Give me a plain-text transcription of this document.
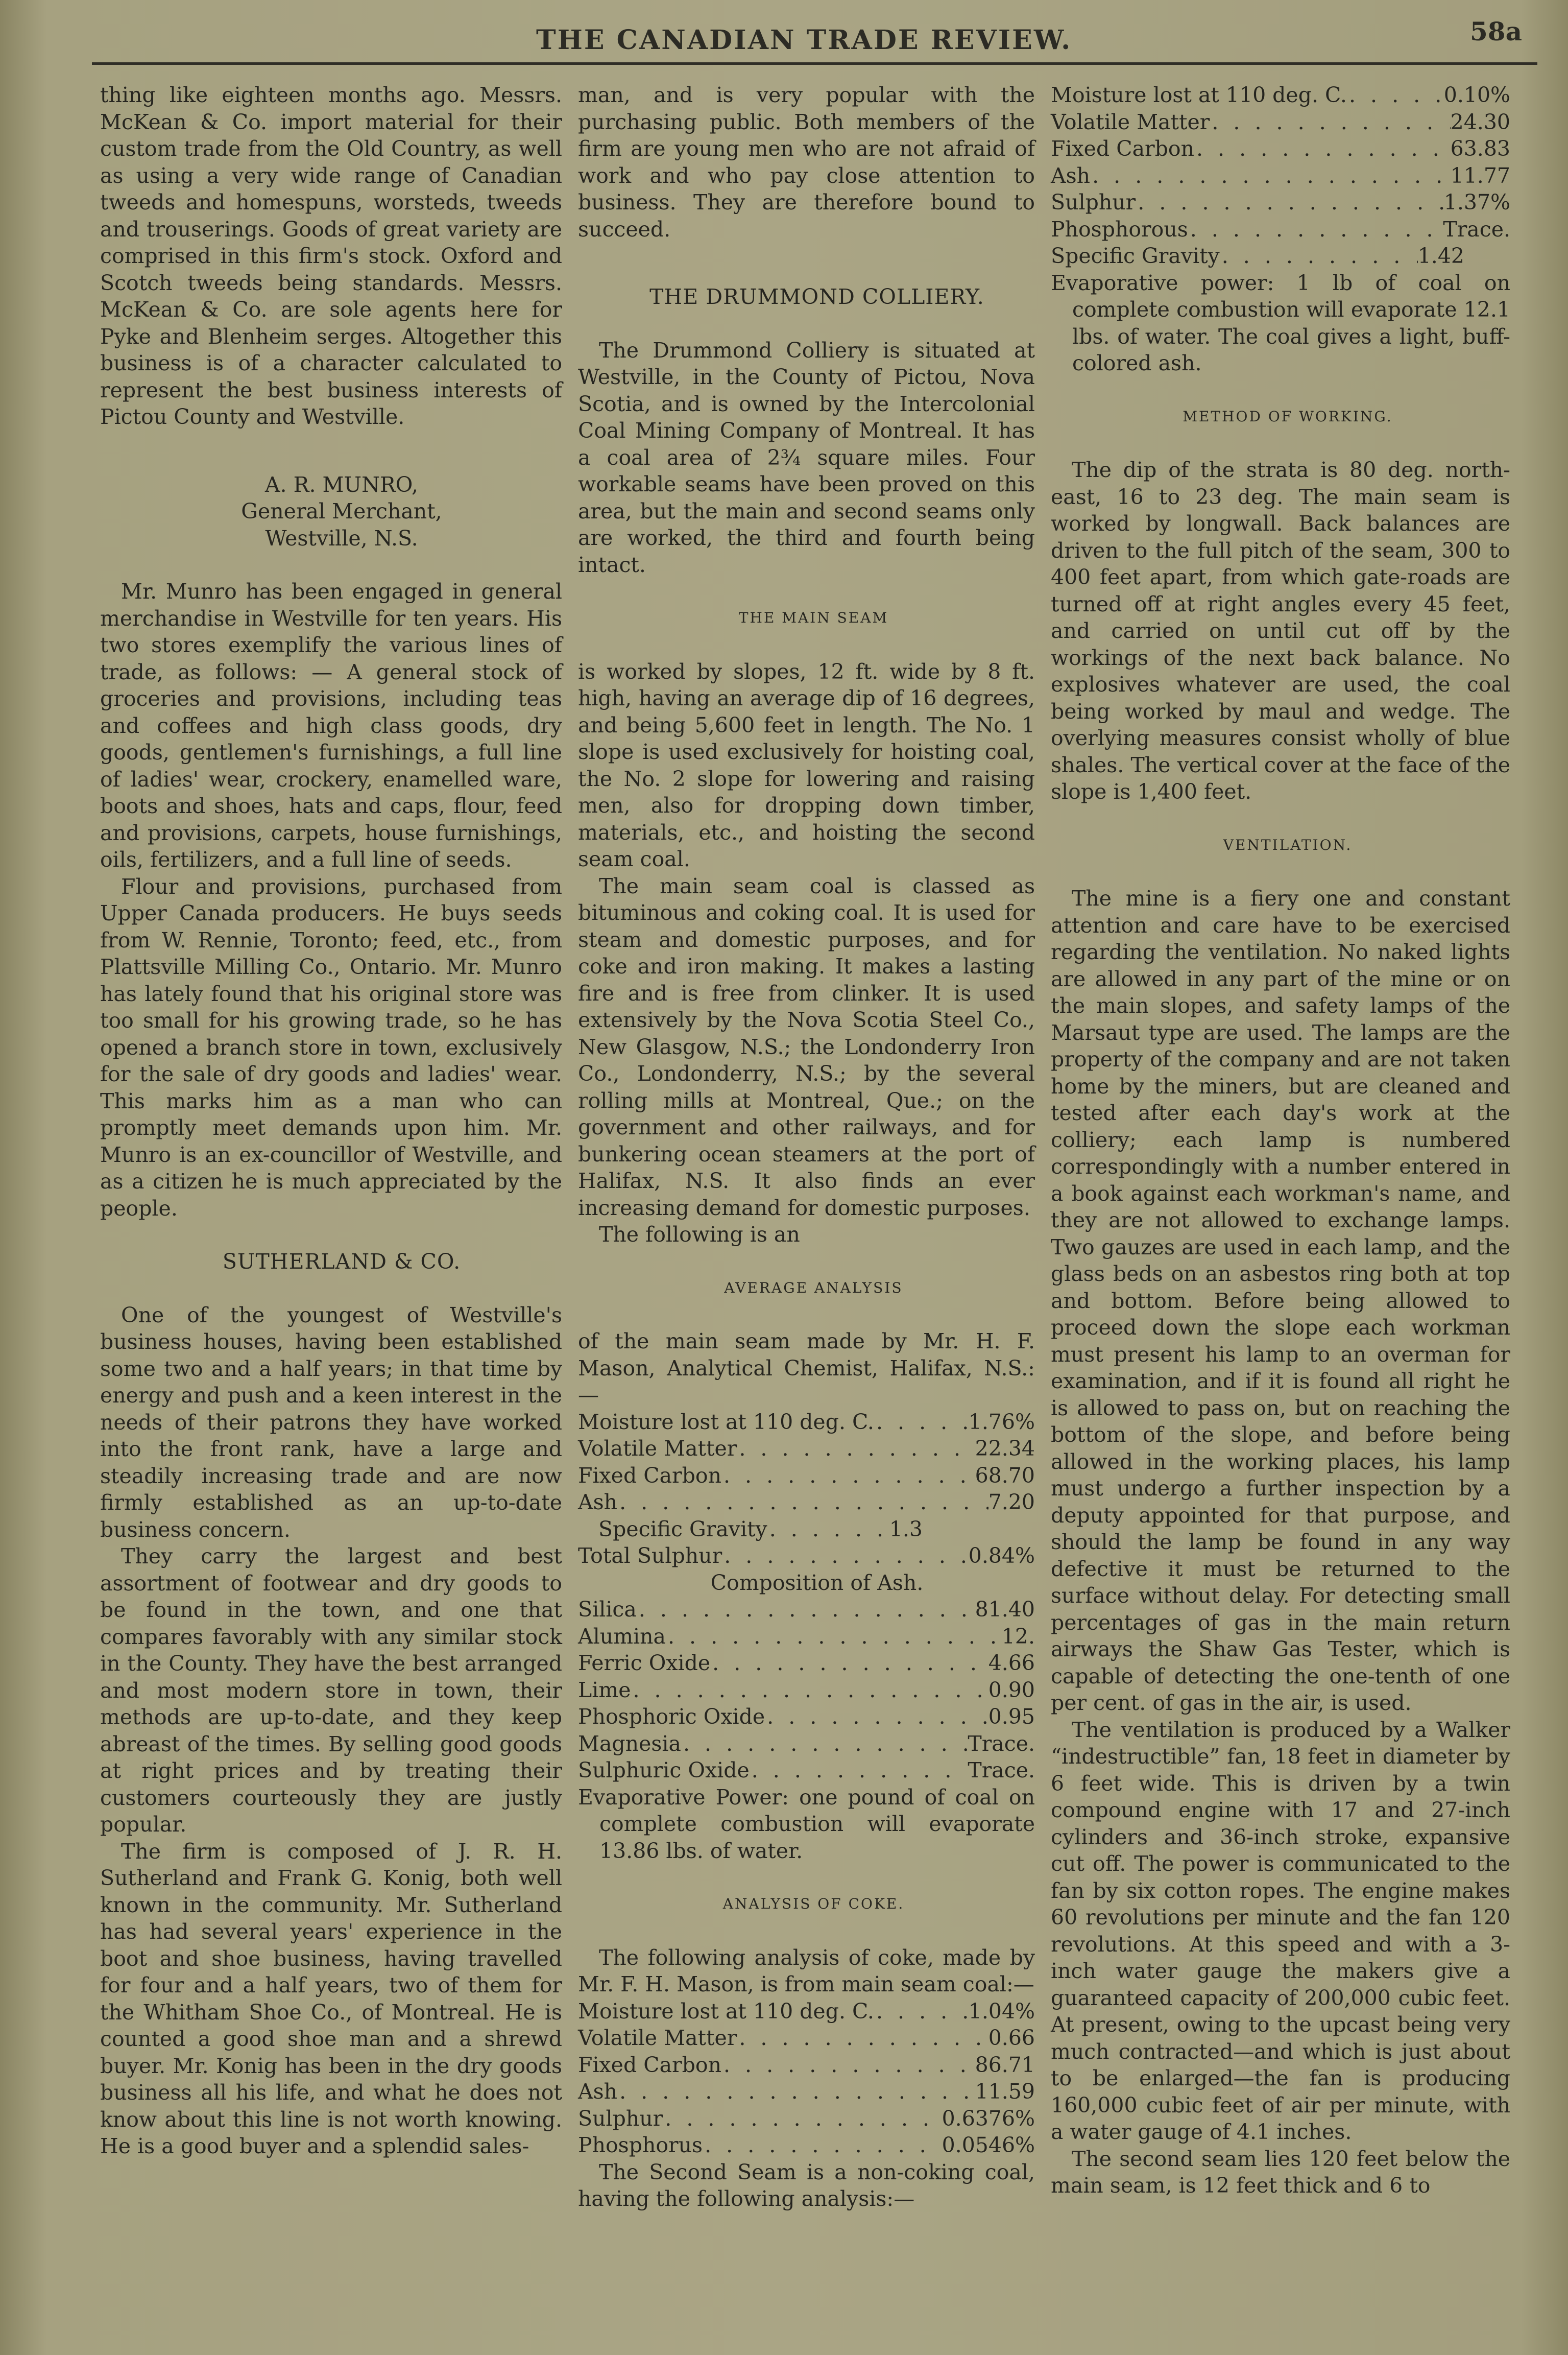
THE CANADIAN TRADE REVIEW.	58a

thing like eighteen months ago. Messrs. McKean & Co. import material for their custom trade from the Old Country, as well as using a very wide range of Canadian tweeds and homespuns, worsteds, tweeds and trouserings. Goods of great variety are comprised in this firm's stock. Oxford and Scotch tweeds being standards. Messrs. McKean & Co. are sole agents here for Pyke and Blenheim serges. Altogether this business is of a character calculated to represent the best business interests of Pictou County and Westville.

A. R. MUNRO,

General Merchant,

Westville, N.S.

Mr. Munro has been engaged in general merchandise in Westville for ten years. His two stores exemplify the various lines of trade, as follows: — A general stock of groceries and provisions, including teas and coffees and high class goods, dry goods, gentlemen's furnishings, a full line of ladies' wear, crockery, enamelled ware, boots and shoes, hats and caps, flour, feed and provisions, carpets, house furnishings, oils, fertilizers, and a full line of seeds.

Flour and provisions, purchased from Upper Canada producers. He buys seeds from W. Rennie, Toronto; feed, etc., from Plattsville Milling Co., Ontario. Mr. Munro has lately found that his original store was too small for his growing trade, so he has opened a branch store in town, exclusively for the sale of dry goods and ladies' wear. This marks him as a man who can promptly meet demands upon him. Mr. Munro is an ex-councillor of Westville, and as a citizen he is much appreciated by the people.

SUTHERLAND & CO.

One of the youngest of Westville's business houses, having been established some two and a half years; in that time by energy and push and a keen interest in the needs of their patrons they have worked into the front rank, have a large and steadily increasing trade and are now firmly established as an up-to-date business concern.

They carry the largest and best assortment of footwear and dry goods to be found in the town, and one that compares favorably with any similar stock in the County. They have the best arranged and most modern store in town, their methods are up-to-date, and they keep abreast of the times. By selling good goods at right prices and by treating their customers courteously they are justly popular.

The firm is composed of J. R. H. Sutherland and Frank G. Konig, both well known in the community. Mr. Sutherland has had several years' experience in the boot and shoe business, having travelled for four and a half years, two of them for the Whitham Shoe Co., of Montreal. He is counted a good shoe man and a shrewd buyer. Mr. Konig has been in the dry goods business all his life, and what he does not know about this line is not worth knowing. He is a good buyer and a splendid sales-

man, and is very popular with the purchasing public. Both members of the firm are young men who are not afraid of work and who pay close attention to business. They are therefore bound to succeed.

THE DRUMMOND COLLIERY.

The Drummond Colliery is situated at Westville, in the County of Pictou, Nova Scotia, and is owned by the Intercolonial Coal Mining Company of Montreal. It has a coal area of 2¾ square miles. Four workable seams have been proved on this area, but the main and second seams only are worked, the third and fourth being intact.

THE MAIN SEAM

is worked by slopes, 12 ft. wide by 8 ft. high, having an average dip of 16 degrees, and being 5,600 feet in length. The No. 1 slope is used exclusively for hoisting coal, the No. 2 slope for lowering and raising men, also for dropping down timber, materials, etc., and hoisting the second seam coal.

The main seam coal is classed as bituminous and coking coal. It is used for steam and domestic purposes, and for coke and iron making. It makes a lasting fire and is free from clinker. It is used extensively by the Nova Scotia Steel Co., New Glasgow, N.S.; the Londonderry Iron Co., Londonderry, N.S.; by the several rolling mills at Montreal, Que.; on the government and other railways, and for bunkering ocean steamers at the port of Halifax, N.S. It also finds an ever increasing demand for domestic purposes.

The following is an

AVERAGE ANALYSIS

of the main seam made by Mr. H. F. Mason, Analytical Chemist, Halifax, N.S.:—

Moisture lost at 110 deg. C. . . .	1.76%
Volatile Matter . . .	22.34
Fixed Carbon . . .	68.70
Ash . . .	7.20
Specific Gravity . . .	1.3
Total Sulphur . . .	0.84%

Composition of Ash.

Silica . . .	81.40
Alumina . . .	12.
Ferric Oxide . . .	4.66
Lime . . .	0.90
Phosphoric Oxide . . .	0.95
Magnesia . . .	Trace.
Sulphuric Oxide . . .	Trace.

Evaporative Power: one pound of coal on complete combustion will evaporate 13.86 lbs. of water.

ANALYSIS OF COKE.

The following analysis of coke, made by Mr. F. H. Mason, is from main seam coal:—

Moisture lost at 110 deg. C. . . .	1.04%
Volatile Matter . . .	0.66
Fixed Carbon . . .	86.71
Ash . . .	11.59
Sulphur . . .	0.6376%
Phosphorus . . .	0.0546%

The Second Seam is a non-coking coal, having the following analysis:—

Moisture lost at 110 deg. C. . . .	0.10%
Volatile Matter . . .	24.30
Fixed Carbon . . .	63.83
Ash . . .	11.77
Sulphur . . .	1.37%
Phosphorous . . .	Trace.
Specific Gravity . . .	1.42

Evaporative power: 1 lb of coal on complete combustion will evaporate 12.1 lbs. of water. The coal gives a light, buff-colored ash.

METHOD OF WORKING.

The dip of the strata is 80 deg. north-east, 16 to 23 deg. The main seam is worked by longwall. Back balances are driven to the full pitch of the seam, 300 to 400 feet apart, from which gate-roads are turned off at right angles every 45 feet, and carried on until cut off by the workings of the next back balance. No explosives whatever are used, the coal being worked by maul and wedge. The overlying measures consist wholly of blue shales. The vertical cover at the face of the slope is 1,400 feet.

VENTILATION.

The mine is a fiery one and constant attention and care have to be exercised regarding the ventilation. No naked lights are allowed in any part of the mine or on the main slopes, and safety lamps of the Marsaut type are used. The lamps are the property of the company and are not taken home by the miners, but are cleaned and tested after each day's work at the colliery; each lamp is numbered correspondingly with a number entered in a book against each workman's name, and they are not allowed to exchange lamps. Two gauzes are used in each lamp, and the glass beds on an asbestos ring both at top and bottom. Before being allowed to proceed down the slope each workman must present his lamp to an overman for examination, and if it is found all right he is allowed to pass on, but on reaching the bottom of the slope, and before being allowed in the working places, his lamp must undergo a further inspection by a deputy appointed for that purpose, and should the lamp be found in any way defective it must be returned to the surface without delay. For detecting small percentages of gas in the main return airways the Shaw Gas Tester, which is capable of detecting the one-tenth of one per cent. of gas in the air, is used.

The ventilation is produced by a Walker “indestructible” fan, 18 feet in diameter by 6 feet wide. This is driven by a twin compound engine with 17 and 27-inch cylinders and 36-inch stroke, expansive cut off. The power is communicated to the fan by six cotton ropes. The engine makes 60 revolutions per minute and the fan 120 revolutions. At this speed and with a 3-inch water gauge the makers give a guaranteed capacity of 200,000 cubic feet. At present, owing to the upcast being very much contracted—and which is just about to be enlarged—the fan is producing 160,000 cubic feet of air per minute, with a water gauge of 4.1 inches.

The second seam lies 120 feet below the main seam, is 12 feet thick and 6 to
